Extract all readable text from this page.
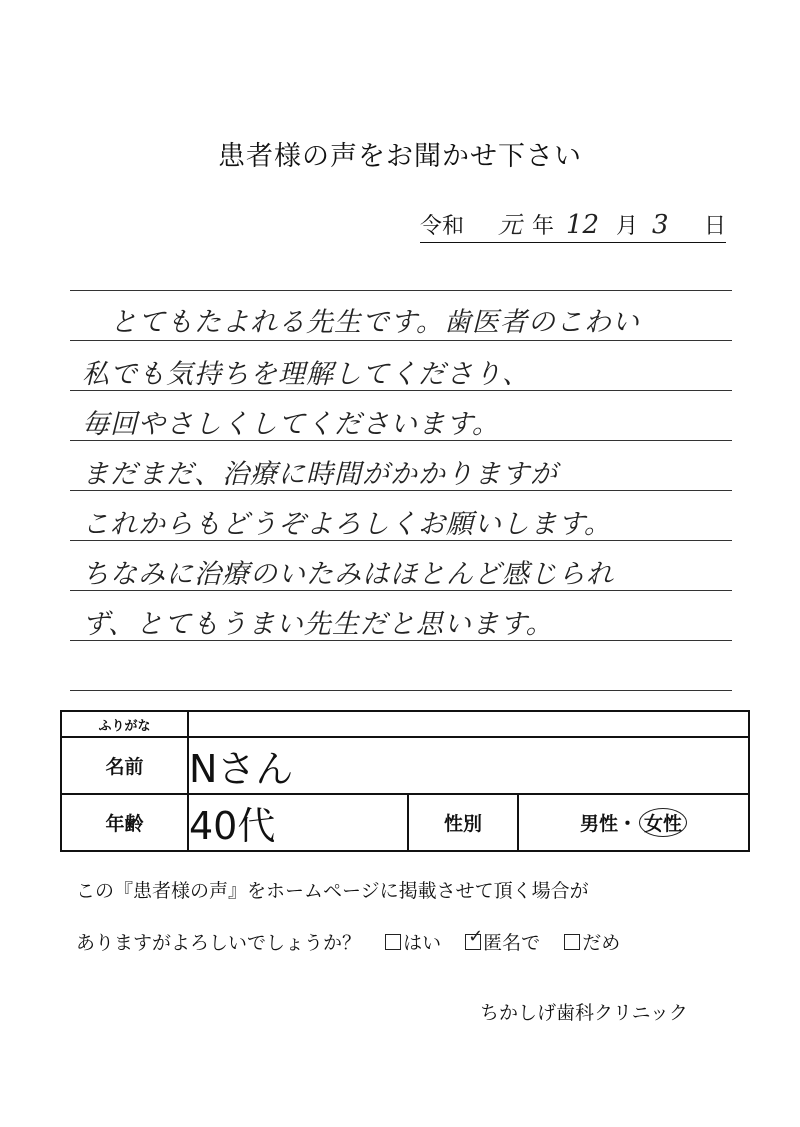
患者様の声をお聞かせ下さい
令和 元 年 12 月 3 日
とてもたよれる先生です。歯医者のこわい
私でも気持ちを理解してくださり、
毎回やさしくしてくださいます。
まだまだ、治療に時間がかかりますが
これからもどうぞよろしくお願いします。
ちなみに治療のいたみはほとんど感じられ
ず、とてもうまい先生だと思います。
ふりがな			
名前	Nさん		
年齢	40代	性別	男性・ 女性
この『患者様の声』をホームページに掲載させて頂く場合が
ありますがよろしいでしょうか？ はい ✓ 匿名で だめ
ちかしげ歯科クリニック
